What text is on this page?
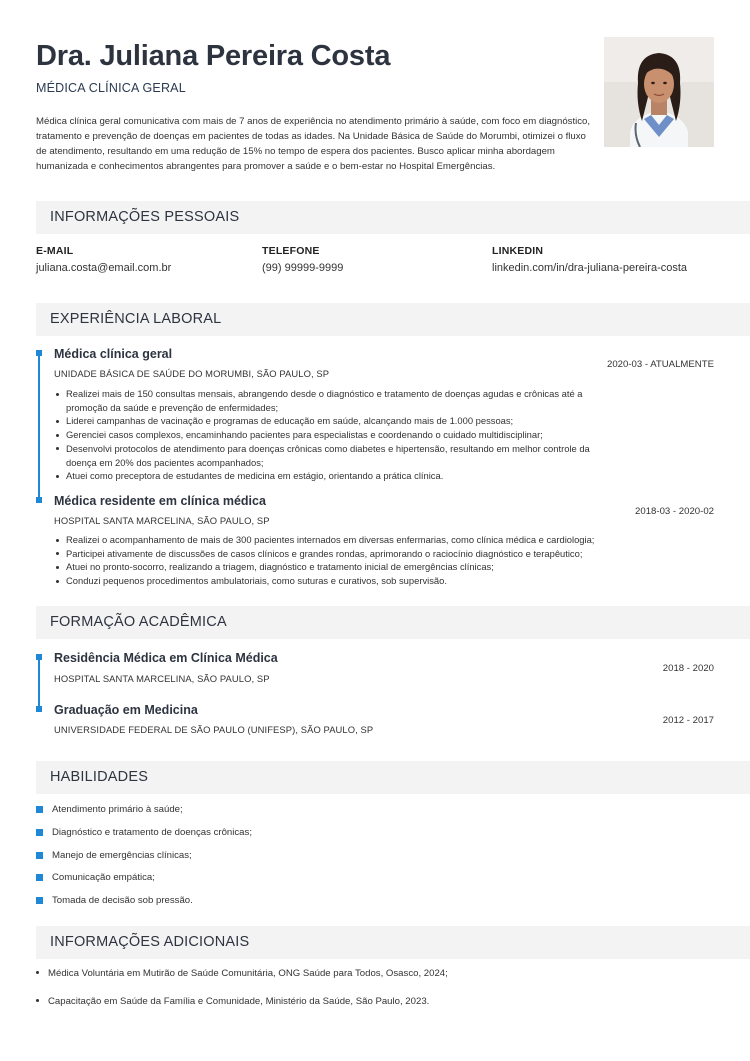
Dra. Juliana Pereira Costa
MÉDICA CLÍNICA GERAL

Médica clínica geral comunicativa com mais de 7 anos de experiência no atendimento primário à saúde, com foco em diagnóstico, tratamento e prevenção de doenças em pacientes de todas as idades. Na Unidade Básica de Saúde do Morumbi, otimizei o fluxo de atendimento, resultando em uma redução de 15% no tempo de espera dos pacientes. Busco aplicar minha abordagem humanizada e conhecimentos abrangentes para promover a saúde e o bem-estar no Hospital Emergências.

INFORMAÇÕES PESSOAIS
E-MAIL
juliana.costa@email.com.br
TELEFONE
(99) 99999-9999
LINKEDIN
linkedin.com/in/dra-juliana-pereira-costa
EXPERIÊNCIA LABORAL
Médica clínica geral
UNIDADE BÁSICA DE SAÚDE DO MORUMBI, SÃO PAULO, SP
2020-03 - ATUALMENTE
Realizei mais de 150 consultas mensais, abrangendo desde o diagnóstico e tratamento de doenças agudas e crônicas até a promoção da saúde e prevenção de enfermidades;
Liderei campanhas de vacinação e programas de educação em saúde, alcançando mais de 1.000 pessoas;
Gerenciei casos complexos, encaminhando pacientes para especialistas e coordenando o cuidado multidisciplinar;
Desenvolvi protocolos de atendimento para doenças crônicas como diabetes e hipertensão, resultando em melhor controle da doença em 20% dos pacientes acompanhados;
Atuei como preceptora de estudantes de medicina em estágio, orientando a prática clínica.
Médica residente em clínica médica
HOSPITAL SANTA MARCELINA, SÃO PAULO, SP
2018-03 - 2020-02
Realizei o acompanhamento de mais de 300 pacientes internados em diversas enfermarias, como clínica médica e cardiologia;
Participei ativamente de discussões de casos clínicos e grandes rondas, aprimorando o raciocínio diagnóstico e terapêutico;
Atuei no pronto-socorro, realizando a triagem, diagnóstico e tratamento inicial de emergências clínicas;
Conduzi pequenos procedimentos ambulatoriais, como suturas e curativos, sob supervisão.
FORMAÇÃO ACADÊMICA
Residência Médica em Clínica Médica
HOSPITAL SANTA MARCELINA, SÃO PAULO, SP
2018 - 2020
Graduação em Medicina
UNIVERSIDADE FEDERAL DE SÃO PAULO (UNIFESP), SÃO PAULO, SP
2012 - 2017
HABILIDADES
Atendimento primário à saúde;
Diagnóstico e tratamento de doenças crônicas;
Manejo de emergências clínicas;
Comunicação empática;
Tomada de decisão sob pressão.
INFORMAÇÕES ADICIONAIS
Médica Voluntária em Mutirão de Saúde Comunitária, ONG Saúde para Todos, Osasco, 2024;
Capacitação em Saúde da Família e Comunidade, Ministério da Saúde, São Paulo, 2023.
